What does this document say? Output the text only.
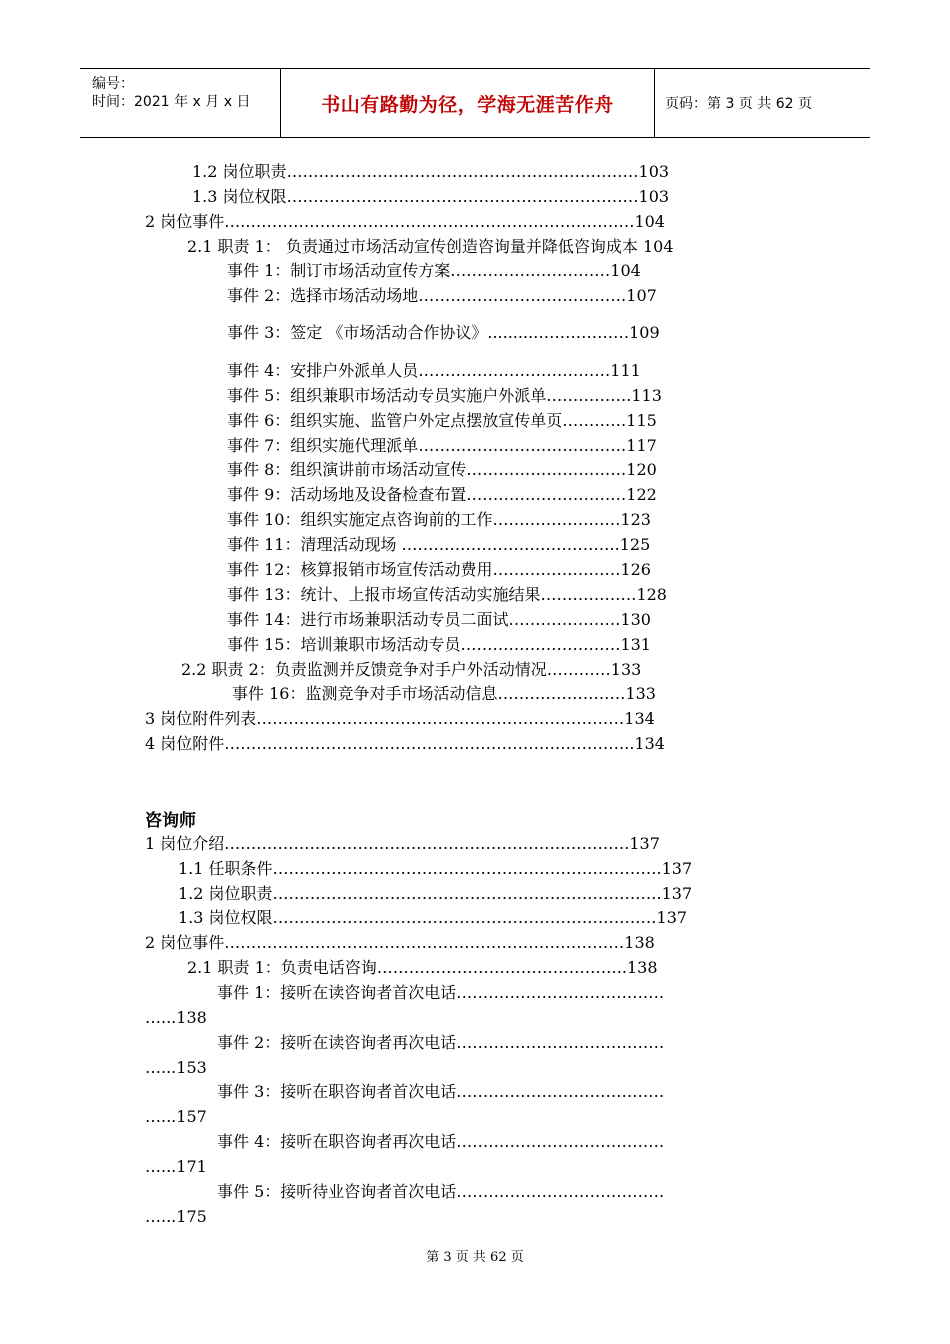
编号：
时间：2021 年 x 月 x 日	书山有路勤为径，学海无涯苦作舟	页码：第 3 页 共 62 页
1.2 岗位职责…………………………………………………………103
1.3 岗位权限…………………………………………………………103
2 岗位事件…..………………………………………………………………104
2.1 职责 1： 负责通过市场活动宣传创造咨询量并降低咨询成本 104
事件 1：制订市场活动宣传方案…………………………104
事件 2：选择市场活动场地…………………………………107
事件 3：签定 《市场活动合作协议》.........………………109
事件 4：安排户外派单人员………………………………111
事件 5：组织兼职市场活动专员实施户外派单…………….113
事件 6：组织实施、监管户外定点摆放宣传单页…………115
事件 7：组织实施代理派单…………………………………117
事件 8：组织演讲前市场活动宣传…………………………120
事件 9：活动场地及设备检查布置…………………………122
事件 10：组织实施定点咨询前的工作……………………123
事件 11：清理活动现场 …………………………………..125
事件 12：核算报销市场宣传活动费用……………………126
事件 13：统计、上报市场宣传活动实施结果………………128
事件 14：进行市场兼职活动专员二面试…………………130
事件 15：培训兼职市场活动专员…………………………131
2.2 职责 2：负责监测并反馈竞争对手户外活动情况…………133
事件 16：监测竞争对手市场活动信息……………………133
3 岗位附件列表……………………………………………………………134
4 岗位附件…………………………………………………………………..134
咨询师
1 岗位介绍………………………………………………………………….137
1.1 任职条件……………………………………………………………….137
1.2 岗位职责……………………………………………………………….137
1.3 岗位权限………………………………………………………………137
2 岗位事件…………………………………………………………………138
2.1 职责 1：负责电话咨询………………………………………..138
事件 1：接听在读咨询者首次电话…………………………………
…...138
事件 2：接听在读咨询者再次电话…………………………………
…...153
事件 3：接听在职咨询者首次电话…………………………………
…...157
事件 4：接听在职咨询者再次电话…………………………………
…...171
事件 5：接听待业咨询者首次电话…………………………………
…...175
第 3 页 共 62 页
